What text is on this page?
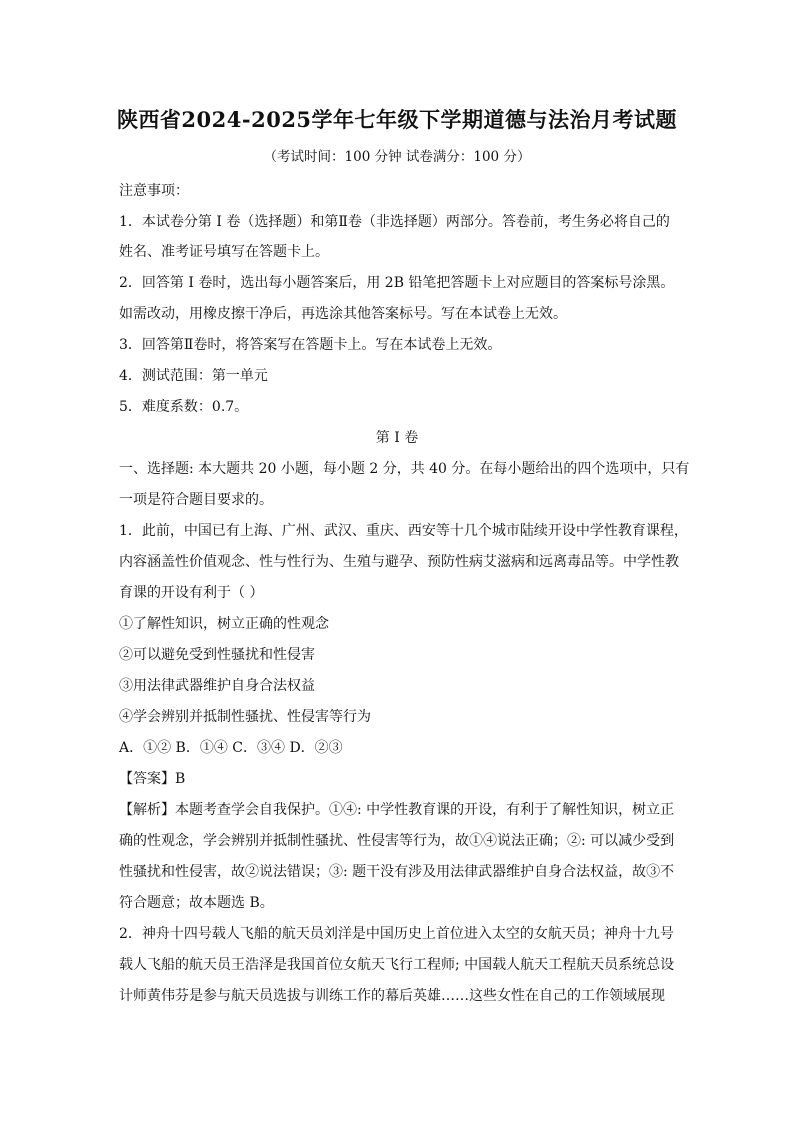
陕西省2024-2025学年七年级下学期道德与法治月考试题
（考试时间：100 分钟 试卷满分：100 分）
注意事项：
1．本试卷分第 I 卷（选择题）和第Ⅱ卷（非选择题）两部分。答卷前，考生务必将自己的
姓名、准考证号填写在答题卡上。
2．回答第 I 卷时，选出每小题答案后，用 2B 铅笔把答题卡上对应题目的答案标号涂黑。
如需改动，用橡皮擦干净后，再选涂其他答案标号。写在本试卷上无效。
3．回答第Ⅱ卷时，将答案写在答题卡上。写在本试卷上无效。
4．测试范围：第一单元
5．难度系数：0.7。
第 I 卷
一、选择题: 本大题共 20 小题，每小题 2 分，共 40 分。在每小题给出的四个选项中，只有
一项是符合题目要求的。
1．此前，中国已有上海、广州、武汉、重庆、西安等十几个城市陆续开设中学性教育课程，
内容涵盖性价值观念、性与性行为、生殖与避孕、预防性病艾滋病和远离毒品等。中学性教
育课的开设有利于（ ）
①了解性知识，树立正确的性观念
②可以避免受到性骚扰和性侵害
③用法律武器维护自身合法权益
④学会辨别并抵制性骚扰、性侵害等行为
A．①② B．①④ C．③④ D．②③
【答案】B
【解析】本题考查学会自我保护。①④: 中学性教育课的开设，有利于了解性知识，树立正
确的性观念，学会辨别并抵制性骚扰、性侵害等行为，故①④说法正确；②: 可以减少受到
性骚扰和性侵害，故②说法错误；③: 题干没有涉及用法律武器维护自身合法权益，故③不
符合题意；故本题选 B。
2．神舟十四号载人飞船的航天员刘洋是中国历史上首位进入太空的女航天员；神舟十九号
载人飞船的航天员王浩泽是我国首位女航天飞行工程师; 中国载人航天工程航天员系统总设
计师黄伟芬是参与航天员选拔与训练工作的幕后英雄……这些女性在自己的工作领域展现
